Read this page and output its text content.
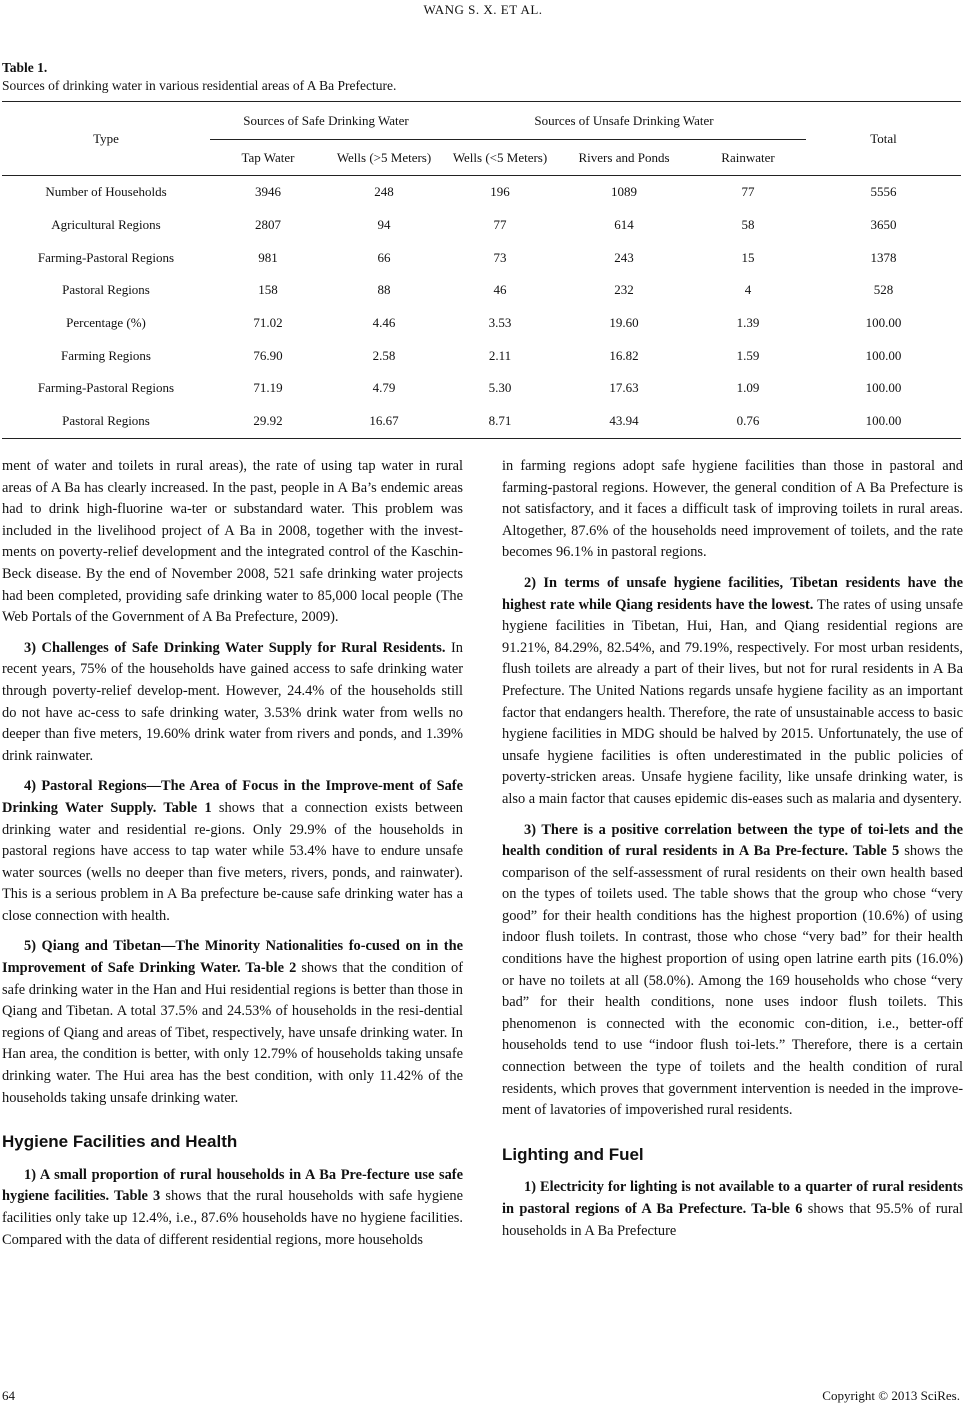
WANG S. X. ET AL.
Table 1.
Sources of drinking water in various residential areas of A Ba Prefecture.
Type	Sources of Safe Drinking Water		Sources of Unsafe Drinking Water			Total
	Tap Water	Wells (>5 Meters)	Wells (<5 Meters)	Rivers and Ponds	Rainwater	
Number of Households	3946	248	196	1089	77	5556
Agricultural Regions	2807	94	77	614	58	3650
Farming-Pastoral Regions	981	66	73	243	15	1378
Pastoral Regions	158	88	46	232	4	528
Percentage (%)	71.02	4.46	3.53	19.60	1.39	100.00
Farming Regions	76.90	2.58	2.11	16.82	1.59	100.00
Farming-Pastoral Regions	71.19	4.79	5.30	17.63	1.09	100.00
Pastoral Regions	29.92	16.67	8.71	43.94	0.76	100.00

ment of water and toilets in rural areas), the rate of using tap water in rural areas of A Ba has clearly increased. In the past, people in A Ba’s endemic areas had to drink high-fluorine wa-ter or substandard water. This problem was included in the livelihood project of A Ba in 2008, together with the invest-ments on poverty-relief development and the integrated control of the Kaschin-Beck disease. By the end of November 2008, 521 safe drinking water projects had been completed, providing safe drinking water to 85,000 local people (The Web Portals of the Government of A Ba Prefecture, 2009).

3) Challenges of Safe Drinking Water Supply for Rural Residents. In recent years, 75% of the households have gained access to safe drinking water through poverty-relief develop-ment. However, 24.4% of the households still do not have ac-cess to safe drinking water, 3.53% drink water from wells no deeper than five meters, 19.60% drink water from rivers and ponds, and 1.39% drink rainwater.

4) Pastoral Regions—The Area of Focus in the Improve-ment of Safe Drinking Water Supply. Table 1 shows that a connection exists between drinking water and residential re-gions. Only 29.9% of the households in pastoral regions have access to tap water while 53.4% have to endure unsafe water sources (wells no deeper than five meters, rivers, ponds, and rainwater). This is a serious problem in A Ba prefecture be-cause safe drinking water has a close connection with health.

5) Qiang and Tibetan—The Minority Nationalities fo-cused on in the Improvement of Safe Drinking Water. Ta-ble 2 shows that the condition of safe drinking water in the Han and Hui residential regions is better than those in Qiang and Tibetan. A total 37.5% and 24.53% of households in the resi-dential regions of Qiang and areas of Tibet, respectively, have unsafe drinking water. In Han area, the condition is better, with only 12.79% of households taking unsafe drinking water. The Hui area has the best condition, with only 11.42% of the households taking unsafe drinking water.

Hygiene Facilities and Health

1) A small proportion of rural households in A Ba Pre-fecture use safe hygiene facilities. Table 3 shows that the rural households with safe hygiene facilities only take up 12.4%, i.e., 87.6% households have no hygiene facilities. Compared with the data of different residential regions, more households

in farming regions adopt safe hygiene facilities than those in pastoral and farming-pastoral regions. However, the general condition of A Ba Prefecture is not satisfactory, and it faces a difficult task of improving toilets in rural areas. Altogether, 87.6% of the households need improvement of toilets, and the rate becomes 96.1% in pastoral regions.

2) In terms of unsafe hygiene facilities, Tibetan residents have the highest rate while Qiang residents have the lowest. The rates of using unsafe hygiene facilities in Tibetan, Hui, Han, and Qiang residential regions are 91.21%, 84.29%, 82.54%, and 79.19%, respectively. For most urban residents, flush toilets are already a part of their lives, but not for rural residents in A Ba Prefecture. The United Nations regards unsafe hygiene facility as an important factor that endangers health. Therefore, the rate of unsustainable access to basic hygiene facilities in MDG should be halved by 2015. Unfortunately, the use of unsafe hygiene facilities is often underestimated in the public policies of poverty-stricken areas. Unsafe hygiene facility, like unsafe drinking water, is also a main factor that causes epidemic dis-eases such as malaria and dysentery.

3) There is a positive correlation between the type of toi-lets and the health condition of rural residents in A Ba Pre-fecture. Table 5 shows the comparison of the self-assessment of rural residents on their own health based on the types of toilets used. The table shows that the group who chose “very good” for their health conditions has the highest proportion (10.6%) of using indoor flush toilets. In contrast, those who chose “very bad” for their health conditions have the highest proportion of using open latrine earth pits (16.0%) or have no toilets at all (58.0%). Among the 169 households who chose “very bad” for their health conditions, none uses indoor flush toilets. This phenomenon is connected with the economic con-dition, i.e., better-off households tend to use “indoor flush toi-lets.” Therefore, there is a certain connection between the type of toilets and the health condition of rural residents, which proves that government intervention is needed in the improve-ment of lavatories of impoverished rural residents.

Lighting and Fuel

1) Electricity for lighting is not available to a quarter of rural residents in pastoral regions of A Ba Prefecture. Ta-ble 6 shows that 95.5% of rural households in A Ba Prefecture

64	Copyright © 2013 SciRes.
